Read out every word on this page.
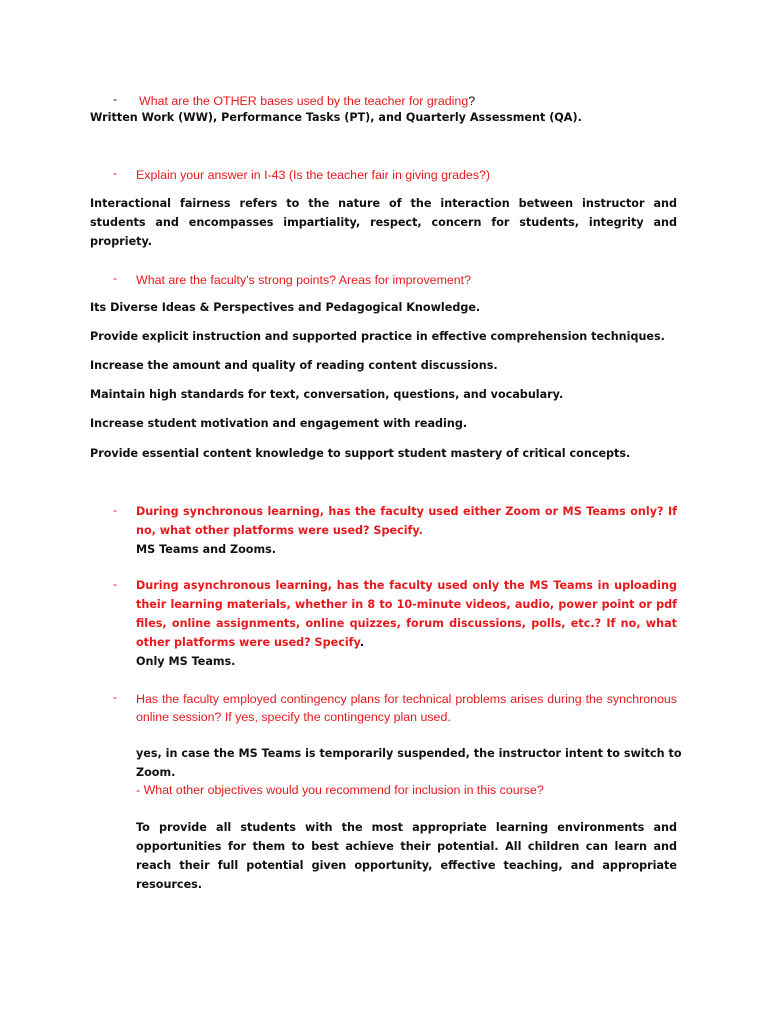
- What are the OTHER bases used by the teacher for grading?
Written Work (WW), Performance Tasks (PT), and Quarterly Assessment (QA).
- Explain your answer in I-43 (Is the teacher fair in giving grades?)
Interactional fairness refers to the nature of the interaction between instructor and students and encompasses impartiality, respect, concern for students, integrity and propriety.
- What are the faculty's strong points? Areas for improvement?
Its Diverse Ideas & Perspectives and Pedagogical Knowledge.
Provide explicit instruction and supported practice in effective comprehension techniques.
Increase the amount and quality of reading content discussions.
Maintain high standards for text, conversation, questions, and vocabulary.
Increase student motivation and engagement with reading.
Provide essential content knowledge to support student mastery of critical concepts.
- During synchronous learning, has the faculty used either Zoom or MS Teams only? If no, what other platforms were used? Specify.
MS Teams and Zooms.
- During asynchronous learning, has the faculty used only the MS Teams in uploading their learning materials, whether in 8 to 10-minute videos, audio, power point or pdf files, online assignments, online quizzes, forum discussions, polls, etc.? If no, what other platforms were used? Specify.
Only MS Teams.
- Has the faculty employed contingency plans for technical problems arises during the synchronous online session? If yes, specify the contingency plan used.
yes, in case the MS Teams is temporarily suspended, the instructor intent to switch to Zoom.
- What other objectives would you recommend for inclusion in this course?
To provide all students with the most appropriate learning environments and opportunities for them to best achieve their potential. All children can learn and reach their full potential given opportunity, effective teaching, and appropriate resources.
